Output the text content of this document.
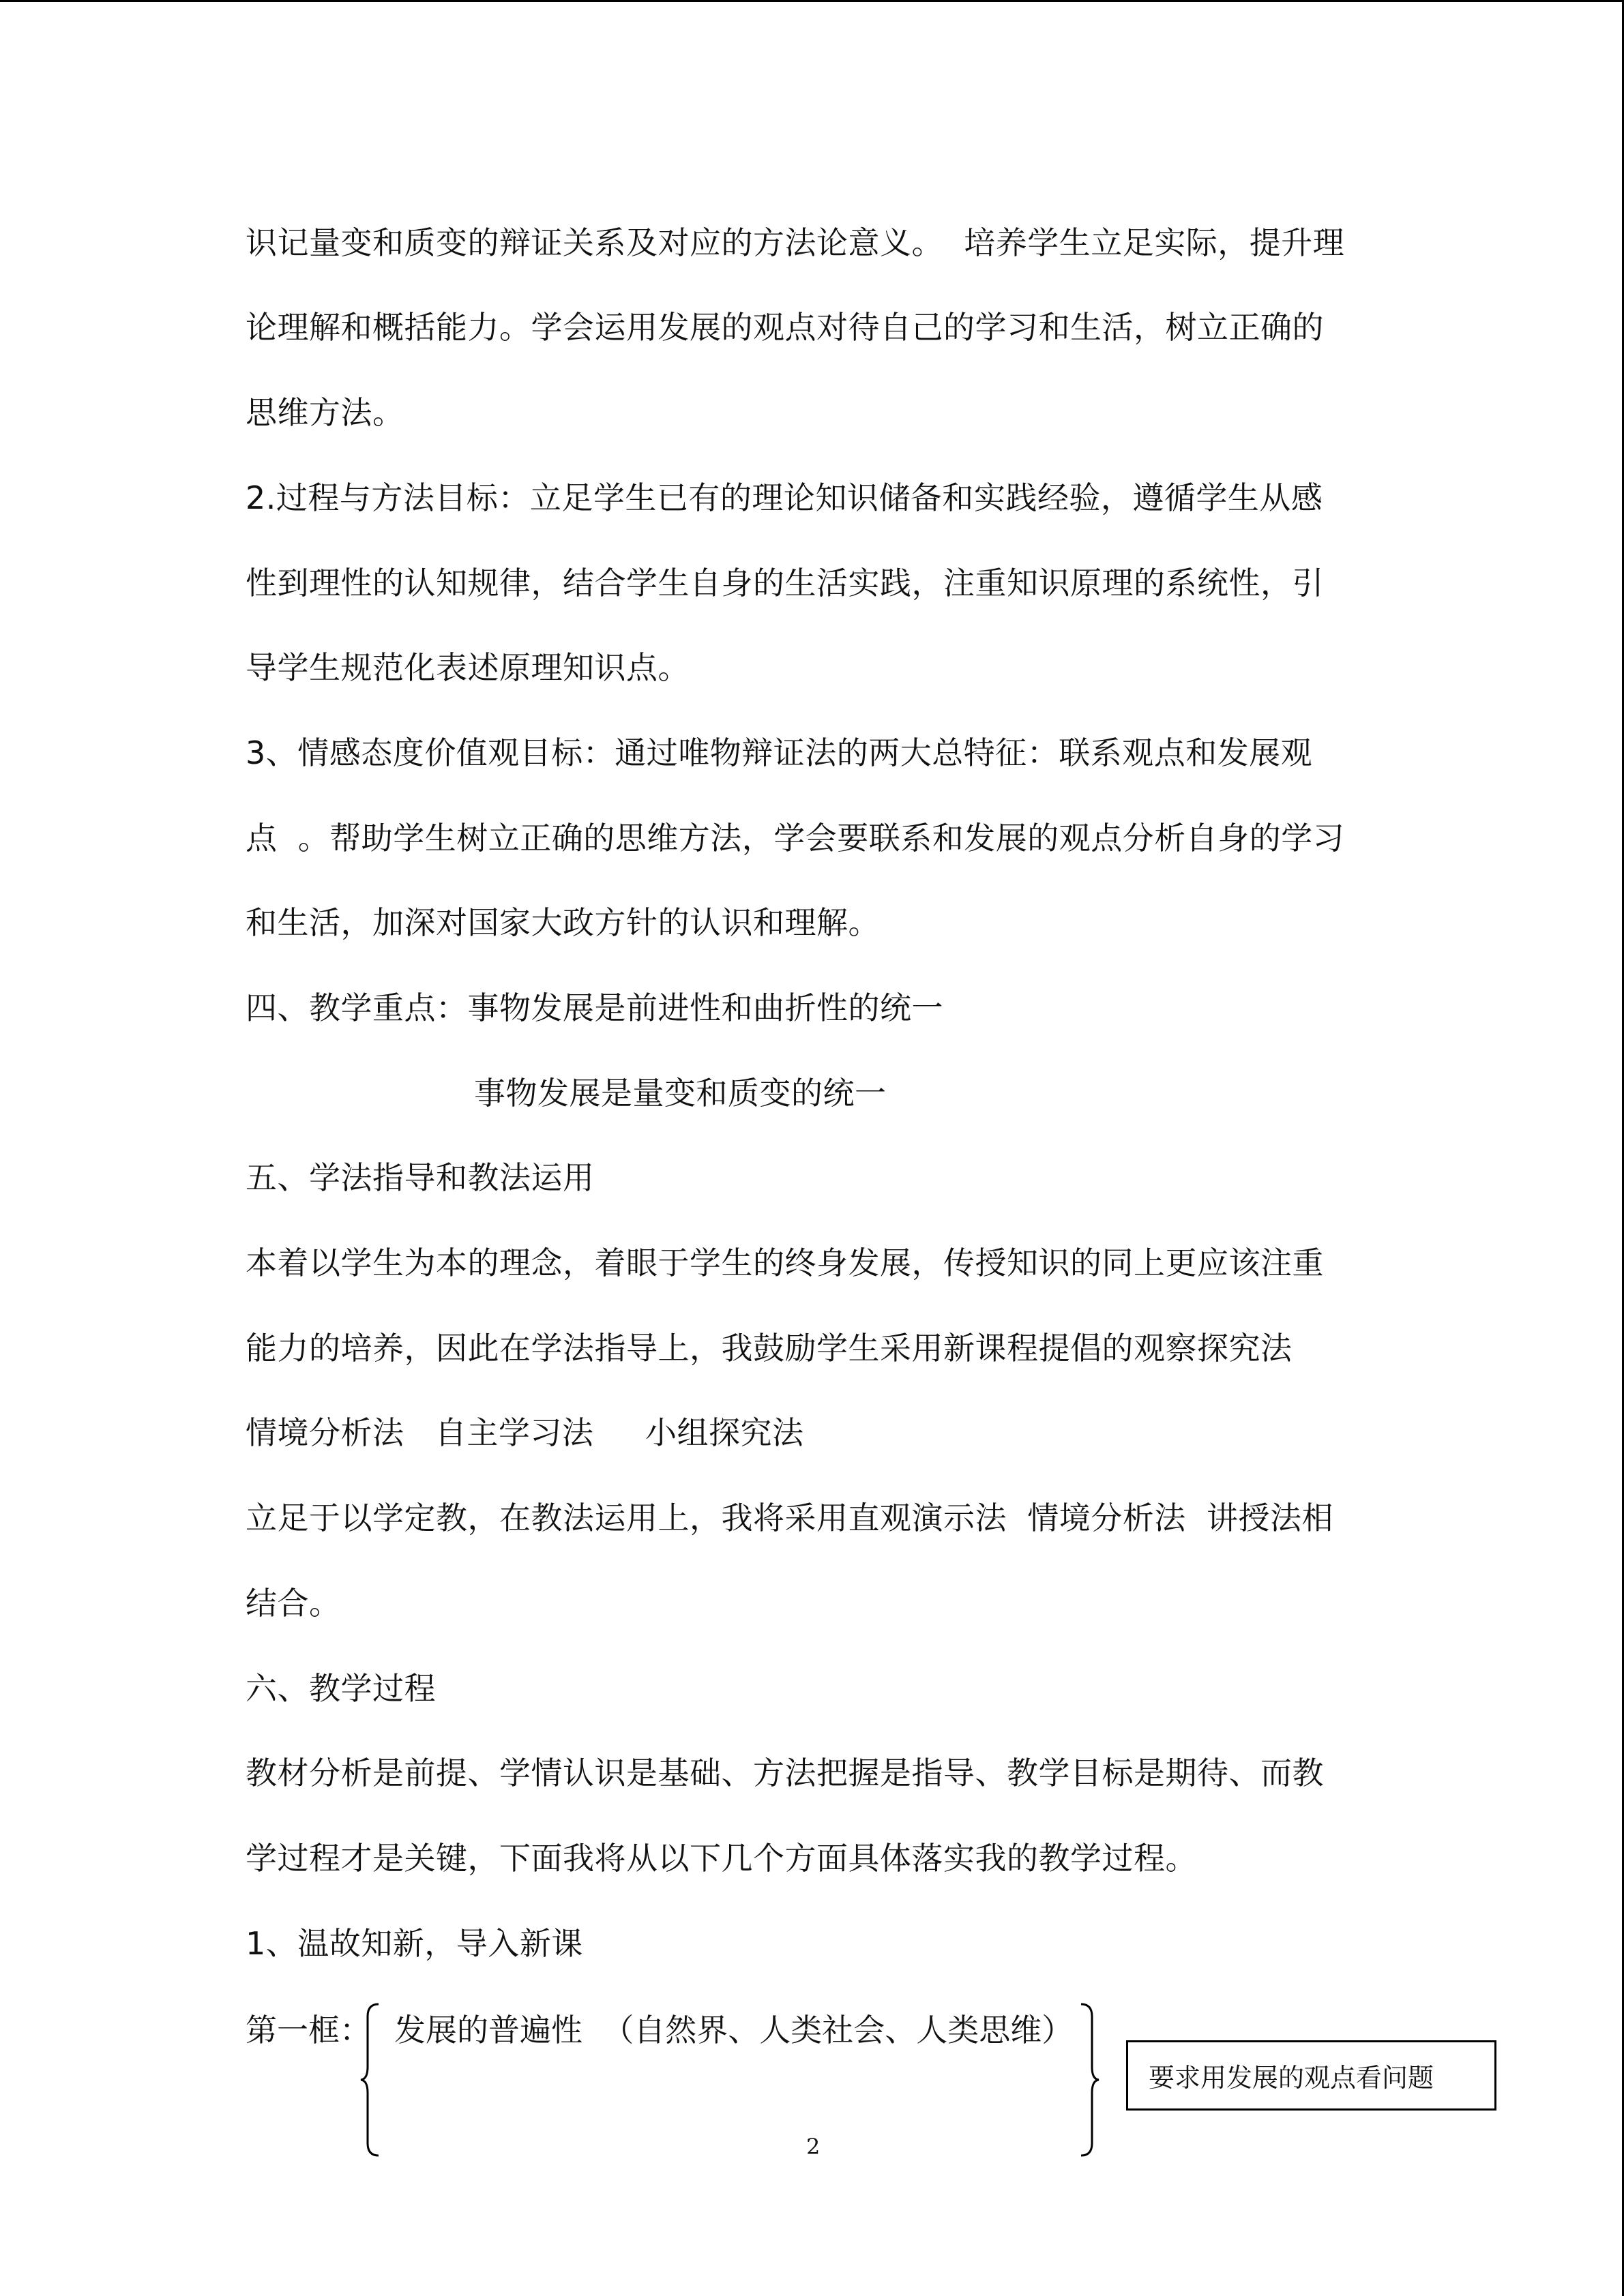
识记量变和质变的辩证关系及对应的方法论意义。  培养学生立足实际，提升理
论理解和概括能力。学会运用发展的观点对待自己的学习和生活，树立正确的
思维方法。
2.过程与方法目标：立足学生已有的理论知识储备和实践经验，遵循学生从感
性到理性的认知规律，结合学生自身的生活实践，注重知识原理的系统性，引
导学生规范化表述原理知识点。
3、情感态度价值观目标：通过唯物辩证法的两大总特征：联系观点和发展观
点  。帮助学生树立正确的思维方法，学会要联系和发展的观点分析自身的学习
和生活，加深对国家大政方针的认识和理解。
四、教学重点：事物发展是前进性和曲折性的统一
事物发展是量变和质变的统一
五、学法指导和教法运用
本着以学生为本的理念，着眼于学生的终身发展，传授知识的同上更应该注重
能力的培养，因此在学法指导上，我鼓励学生采用新课程提倡的观察探究法
情境分析法   自主学习法     小组探究法
立足于以学定教，在教法运用上，我将采用直观演示法  情境分析法  讲授法相
结合。
六、教学过程
教材分析是前提、学情认识是基础、方法把握是指导、教学目标是期待、而教
学过程才是关键，下面我将从以下几个方面具体落实我的教学过程。
1、温故知新，导入新课
第一框： 发展的普遍性  （自然界、人类社会、人类思维）
要求用发展的观点看问题
2
